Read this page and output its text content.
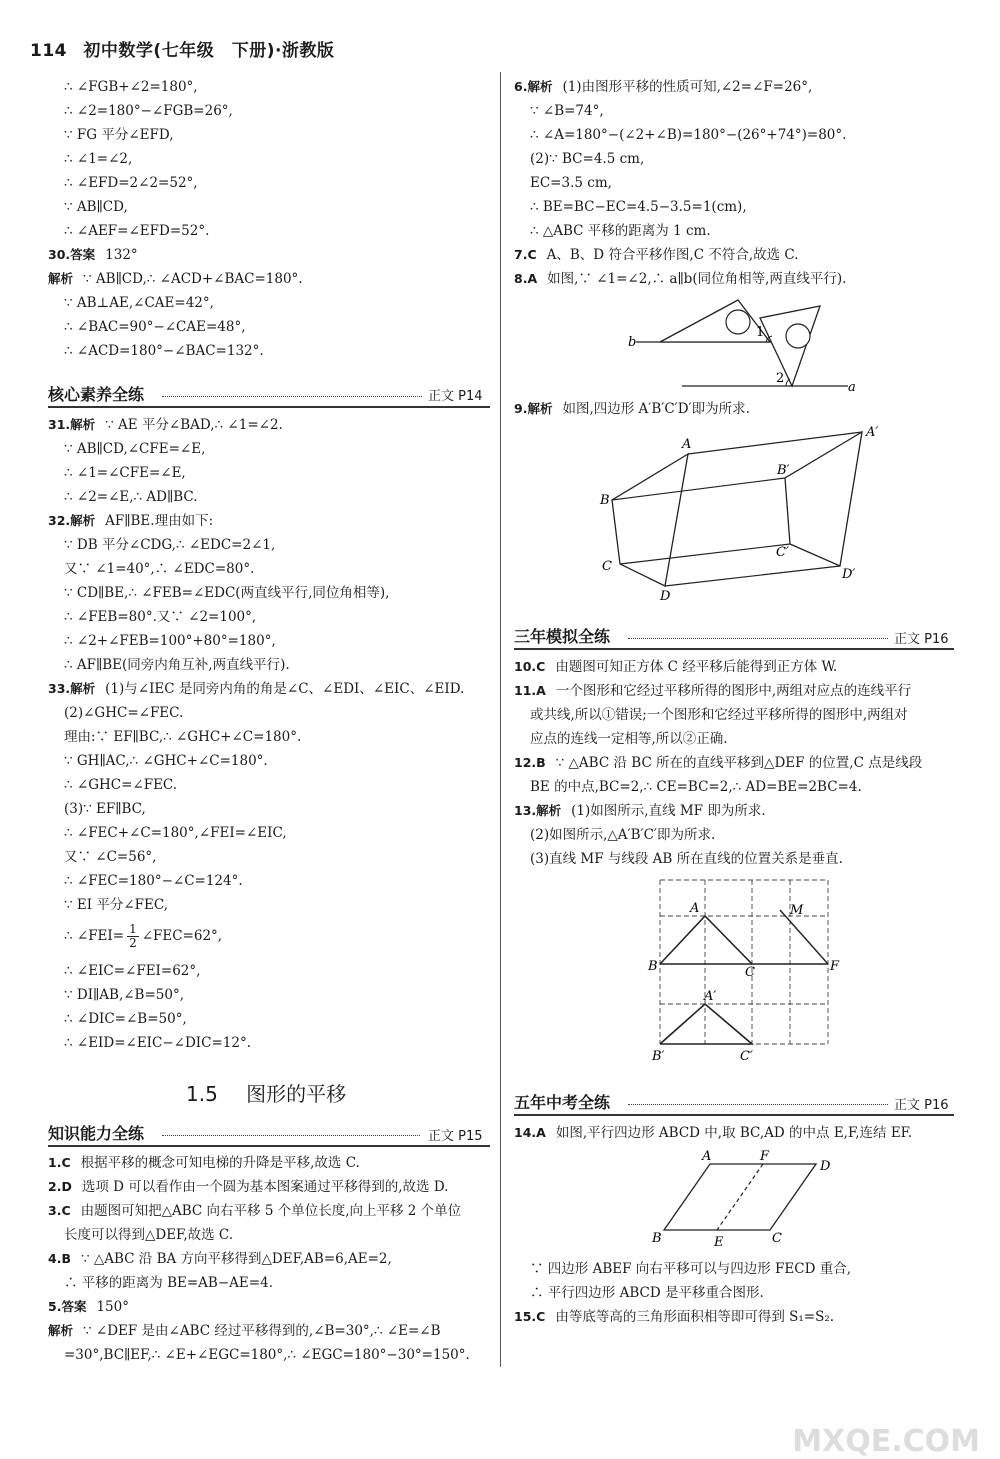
114 初中数学(七年级　下册)·浙教版
核心素养全练	正文 P14
∴ ∠FEI= $\frac{1}{2}$ ∠FEC=62°,
1.5 图形的平移
知识能力全练	正文 P15
b
a
1
2
9.解析 如图,四边形 A′B′C′D′即为所求.
A
B
C
D
A′
B′
C′
D′
三年模拟全练	正文 P16
A	M
B	C	F
A′
B′	C′
五年中考全练	正文 P16
14.A 如图,平行四边形 ABCD 中,取 BC,AD 的中点 E,F,连结 EF.
A	F
D
B	E	C
MXQE.COM
∴ ∠FGB+∠2=180°,
∴ ∠2=180°−∠FGB=26°,
∵ FG 平分∠EFD,
∴ ∠1=∠2,
∴ ∠EFD=2∠2=52°,
∵ AB∥CD,
∴ ∠AEF=∠EFD=52°.
30.答案 132°
解析 ∵ AB∥CD,∴ ∠ACD+∠BAC=180°.
∵ AB⊥AE,∠CAE=42°,
∴ ∠BAC=90°−∠CAE=48°,
∴ ∠ACD=180°−∠BAC=132°.
31.解析 ∵ AE 平分∠BAD,∴ ∠1=∠2.
∵ AB∥CD,∠CFE=∠E,
∴ ∠1=∠CFE=∠E,
∴ ∠2=∠E,∴ AD∥BC.
32.解析 AF∥BE.理由如下:
∵ DB 平分∠CDG,∴ ∠EDC=2∠1,
又∵ ∠1=40°,∴ ∠EDC=80°.
∵ CD∥BE,∴ ∠FEB=∠EDC(两直线平行,同位角相等),
∴ ∠FEB=80°.又∵ ∠2=100°,
∴ ∠2+∠FEB=100°+80°=180°,
∴ AF∥BE(同旁内角互补,两直线平行).
33.解析 (1)与∠IEC 是同旁内角的角是∠C、∠EDI、∠EIC、∠EID.
(2)∠GHC=∠FEC.
理由:∵ EF∥BC,∴ ∠GHC+∠C=180°.
∵ GH∥AC,∴ ∠GHC+∠C=180°.
∴ ∠GHC=∠FEC.
(3)∵ EF∥BC,
∴ ∠FEC+∠C=180°,∠FEI=∠EIC,
又∵ ∠C=56°,
∴ ∠FEC=180°−∠C=124°.
∵ EI 平分∠FEC,
∴ ∠EIC=∠FEI=62°,
∵ DI∥AB,∠B=50°,
∴ ∠DIC=∠B=50°,
∴ ∠EID=∠EIC−∠DIC=12°.
1.C 根据平移的概念可知电梯的升降是平移,故选 C.
2.D 选项 D 可以看作由一个圆为基本图案通过平移得到的,故选 D.
3.C 由题图可知把△ABC 向右平移 5 个单位长度,向上平移 2 个单位
长度可以得到△DEF,故选 C.
4.B ∵ △ABC 沿 BA 方向平移得到△DEF,AB=6,AE=2,
∴ 平移的距离为 BE=AB−AE=4.
5.答案 150°
解析 ∵ ∠DEF 是由∠ABC 经过平移得到的,∠B=30°,∴ ∠E=∠B
=30°,BC∥EF,∴ ∠E+∠EGC=180°,∴ ∠EGC=180°−30°=150°.
6.解析 (1)由图形平移的性质可知,∠2=∠F=26°,
∵ ∠B=74°,
∴ ∠A=180°−(∠2+∠B)=180°−(26°+74°)=80°.
(2)∵ BC=4.5 cm,
EC=3.5 cm,
∴ BE=BC−EC=4.5−3.5=1(cm),
∴ △ABC 平移的距离为 1 cm.
7.C A、B、D 符合平移作图,C 不符合,故选 C.
8.A 如图,∵ ∠1=∠2,∴ a∥b(同位角相等,两直线平行).
10.C 由题图可知正方体 C 经平移后能得到正方体 W.
11.A 一个图形和它经过平移所得的图形中,两组对应点的连线平行
或共线,所以①错误;一个图形和它经过平移所得的图形中,两组对
应点的连线一定相等,所以②正确.
12.B ∵ △ABC 沿 BC 所在的直线平移到△DEF 的位置,C 点是线段
BE 的中点,BC=2,∴ CE=BC=2,∴ AD=BE=2BC=4.
13.解析 (1)如图所示,直线 MF 即为所求.
(2)如图所示,△A′B′C′即为所求.
(3)直线 MF 与线段 AB 所在直线的位置关系是垂直.
∵ 四边形 ABEF 向右平移可以与四边形 FECD 重合,
∴ 平行四边形 ABCD 是平移重合图形.
15.C 由等底等高的三角形面积相等即可得到 S₁=S₂.
